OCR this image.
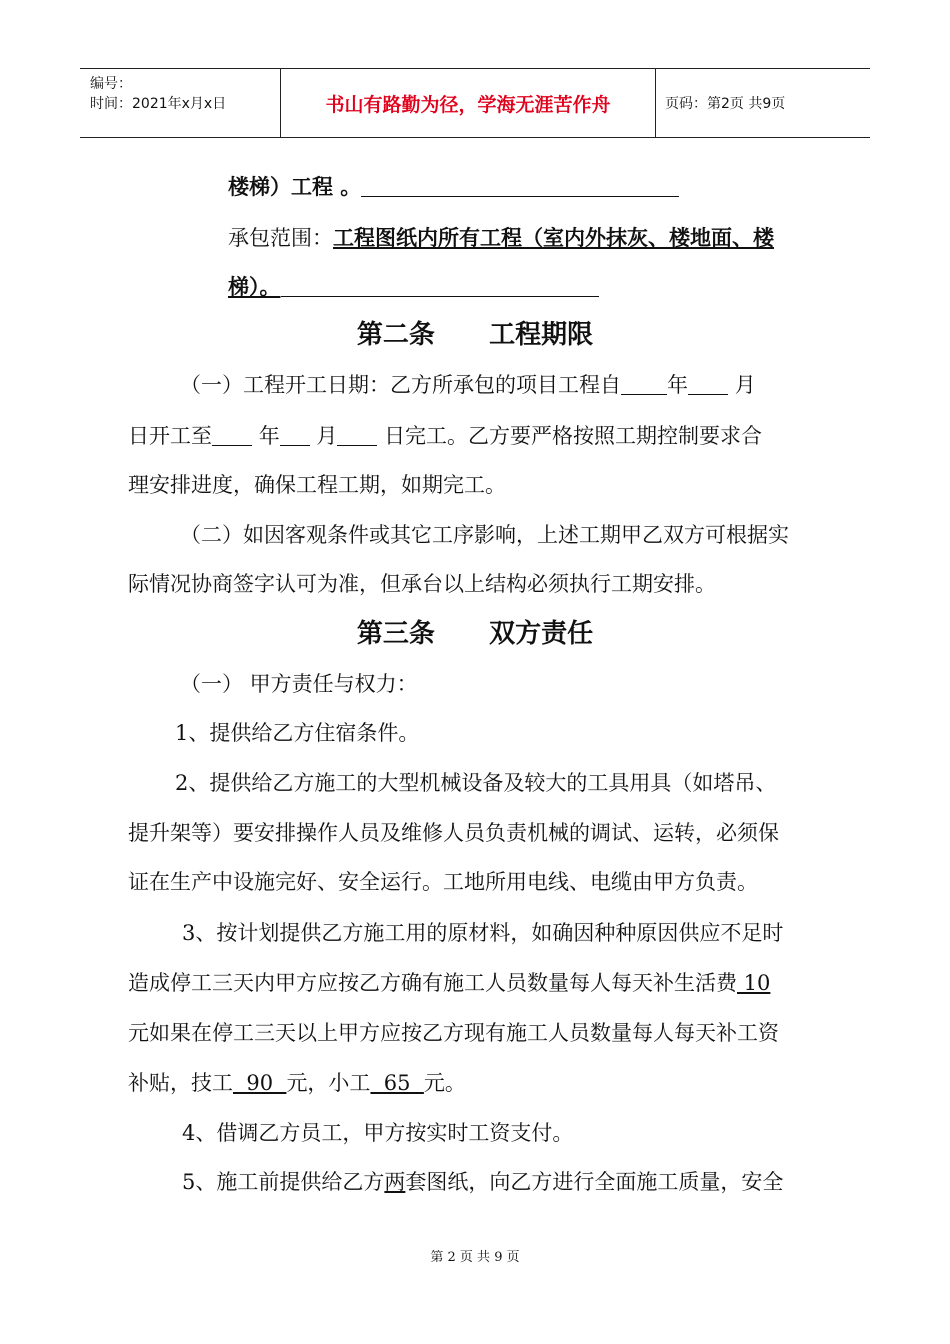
编号：
时间：2021年x月x日	书山有路勤为径，学海无涯苦作舟	页码：第2页 共9页
楼梯）工程 。
承包范围：工程图纸内所有工程（室内外抹灰、楼地面、楼
梯）。
第二条      工程期限
（一）工程开工日期：乙方所承包的项目工程自 年 月
日开工至 年 月 日完工。乙方要严格按照工期控制要求合
理安排进度，确保工程工期，如期完工。
（二）如因客观条件或其它工序影响，上述工期甲乙双方可根据实
际情况协商签字认可为准，但承台以上结构必须执行工期安排。
第三条      双方责任
（一） 甲方责任与权力：
1、提供给乙方住宿条件。
2、提供给乙方施工的大型机械设备及较大的工具用具（如塔吊、
提升架等）要安排操作人员及维修人员负责机械的调试、运转，必须保
证在生产中设施完好、安全运行。工地所用电线、电缆由甲方负责。
3、按计划提供乙方施工用的原材料，如确因种种原因供应不足时
造成停工三天内甲方应按乙方确有施工人员数量每人每天补生活费 10
元如果在停工三天以上甲方应按乙方现有施工人员数量每人每天补工资
补贴，技工  90  元，小工  65  元。
4、借调乙方员工，甲方按实时工资支付。
5、施工前提供给乙方两套图纸，向乙方进行全面施工质量，安全
第 2 页 共 9 页
